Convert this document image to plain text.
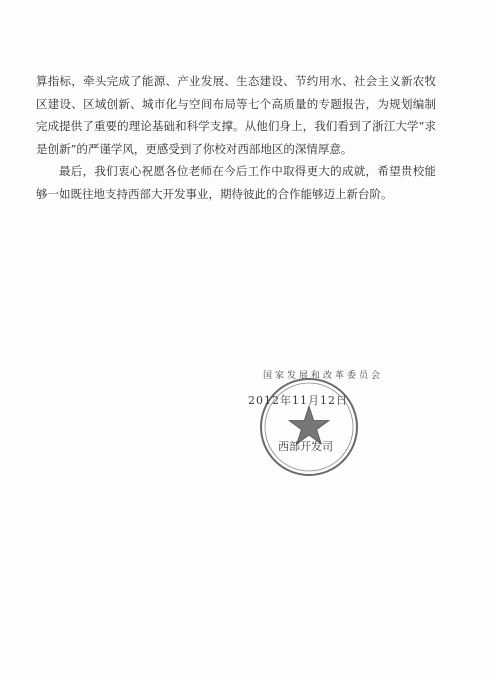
算指标，牵头完成了能源、产业发展、生态建设、节约用水、社会主义新农牧区建设、区域创新、城市化与空间布局等七个高质量的专题报告，为规划编制完成提供了重要的理论基础和科学支撑。从他们身上，我们看到了浙江大学“求是创新”的严谨学风，更感受到了你校对西部地区的深情厚意。

最后，我们衷心祝愿各位老师在今后工作中取得更大的成就，希望贵校能够一如既往地支持西部大开发事业，期待彼此的合作能够迈上新台阶。

国家发展和改革委员会
2012年11月12日
西部开发司
